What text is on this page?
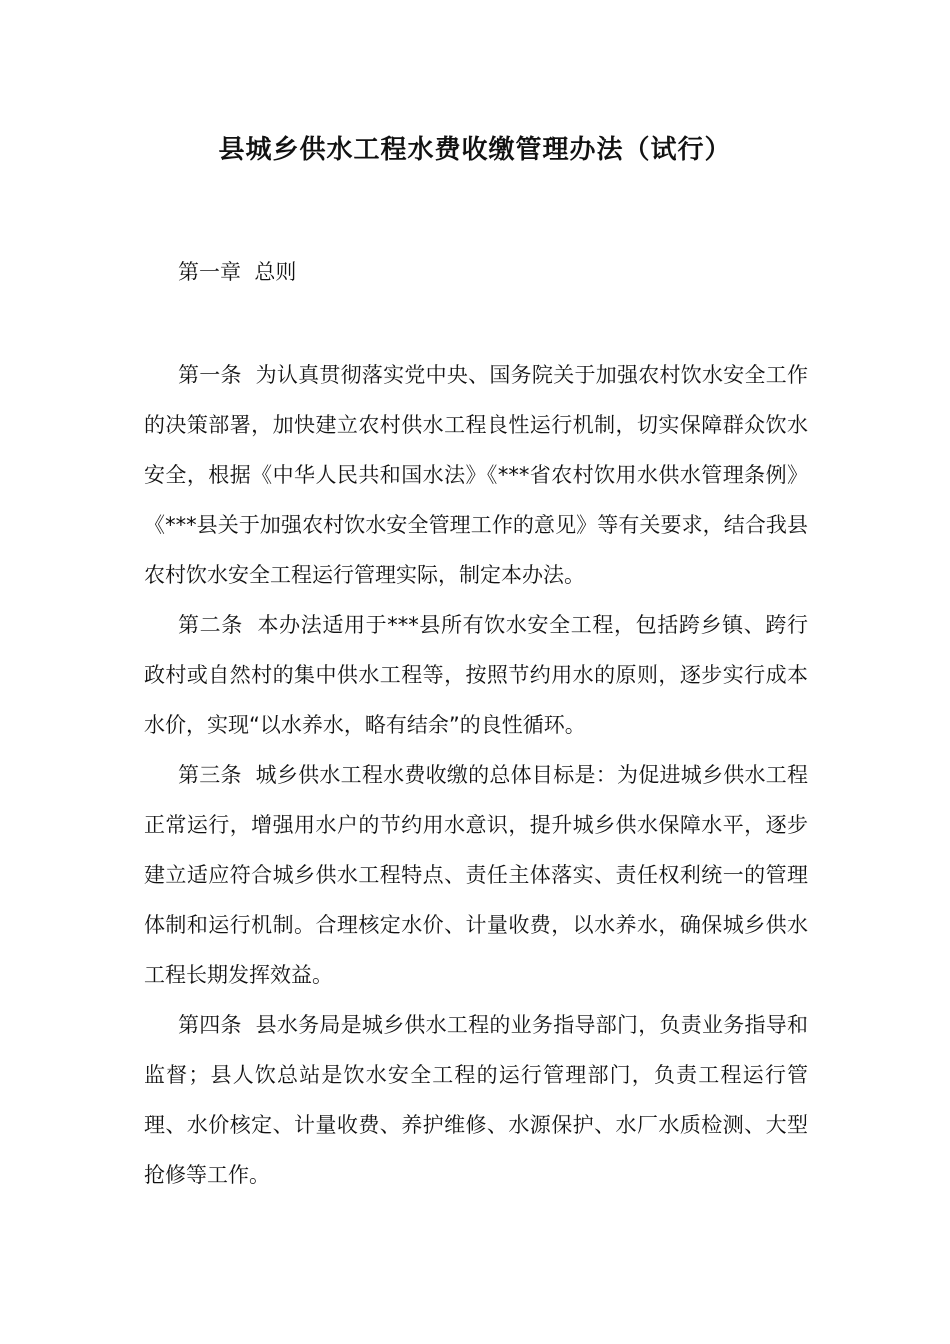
县城乡供水工程水费收缴管理办法（试行）

第一章  总则

第一条  为认真贯彻落实党中央、国务院关于加强农村饮水安全工作的决策部署，加快建立农村供水工程良性运行机制，切实保障群众饮水安全，根据《中华人民共和国水法》《***省农村饮用水供水管理条例》《***县关于加强农村饮水安全管理工作的意见》等有关要求，结合我县农村饮水安全工程运行管理实际，制定本办法。

第二条  本办法适用于***县所有饮水安全工程，包括跨乡镇、跨行政村或自然村的集中供水工程等，按照节约用水的原则，逐步实行成本水价，实现“以水养水，略有结余”的良性循环。

第三条  城乡供水工程水费收缴的总体目标是：为促进城乡供水工程正常运行，增强用水户的节约用水意识，提升城乡供水保障水平，逐步建立适应符合城乡供水工程特点、责任主体落实、责任权利统一的管理体制和运行机制。合理核定水价、计量收费，以水养水，确保城乡供水工程长期发挥效益。

第四条  县水务局是城乡供水工程的业务指导部门，负责业务指导和监督；县人饮总站是饮水安全工程的运行管理部门，负责工程运行管理、水价核定、计量收费、养护维修、水源保护、水厂水质检测、大型抢修等工作。
